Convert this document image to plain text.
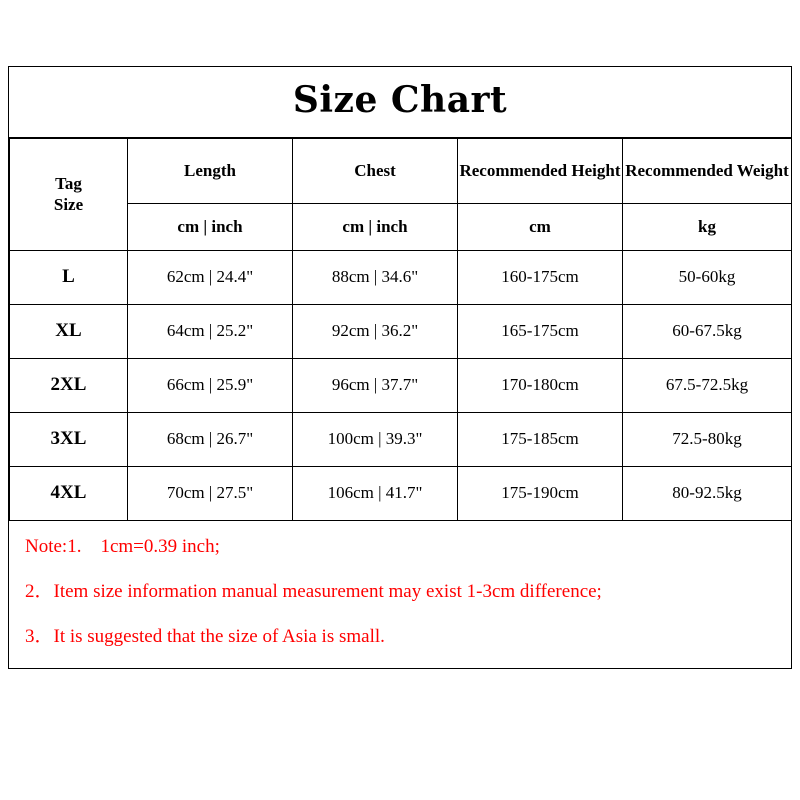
Size Chart
Tag
Size	Length	Chest	Recommended Height	Recommended Weight
	cm | inch	cm | inch	cm	kg
L	62cm | 24.4"	88cm | 34.6"	160-175cm	50-60kg
XL	64cm | 25.2"	92cm | 36.2"	165-175cm	60-67.5kg
2XL	66cm | 25.9"	96cm | 37.7"	170-180cm	67.5-72.5kg
3XL	68cm | 26.7"	100cm | 39.3"	175-185cm	72.5-80kg
4XL	70cm | 27.5"	106cm | 41.7"	175-190cm	80-92.5kg

Note:1.    1cm=0.39 inch;

2．Item size information manual measurement may exist 1-3cm difference;

3．It is suggested that the size of Asia is small.
